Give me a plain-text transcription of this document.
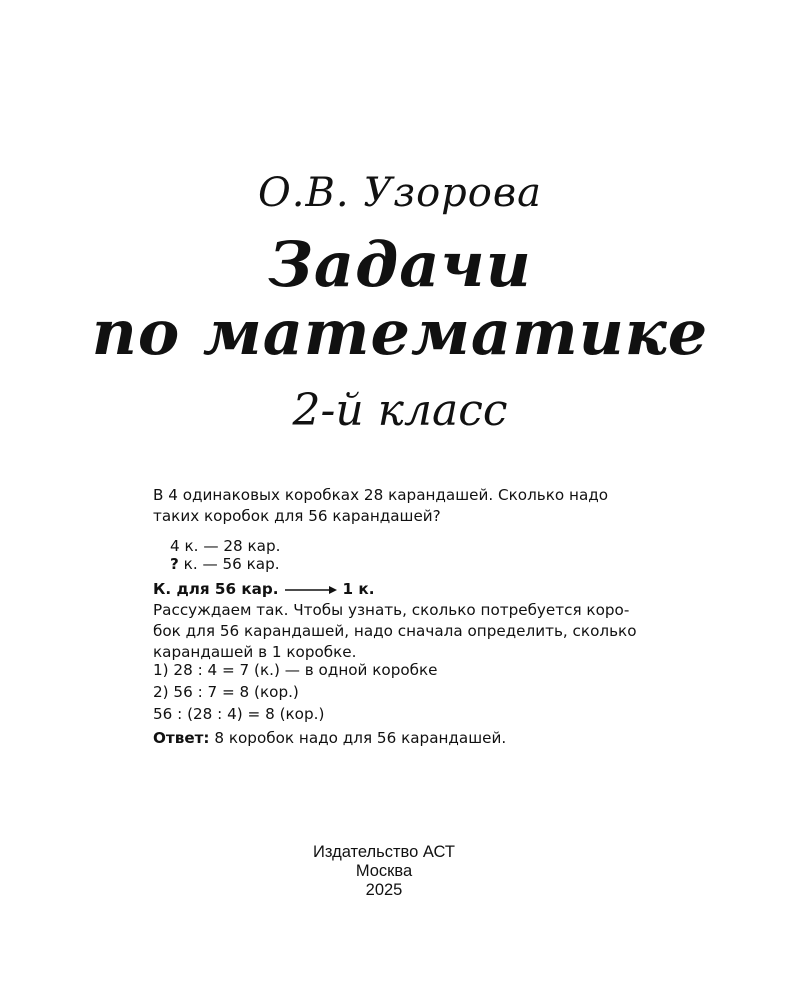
О.В. Узорова
Задачи
по математике
2-й класс
В 4 одинаковых коробках 28 карандашей. Сколько надо
таких коробок для 56 карандашей?
4 к. — 28 кар.
? к. — 56 кар.
К. для 56 кар.	1 к.
Рассуждаем так. Чтобы узнать, сколько потребуется коро-
бок для 56 карандашей, надо сначала определить, сколько
карандашей в 1 коробке.
1) 28 : 4 = 7 (к.) — в одной коробке
2) 56 : 7 = 8 (кор.)
56 : (28 : 4) = 8 (кор.)
Ответ: 8 коробок надо для 56 карандашей.
Издательство АСТ
Москва
2025
